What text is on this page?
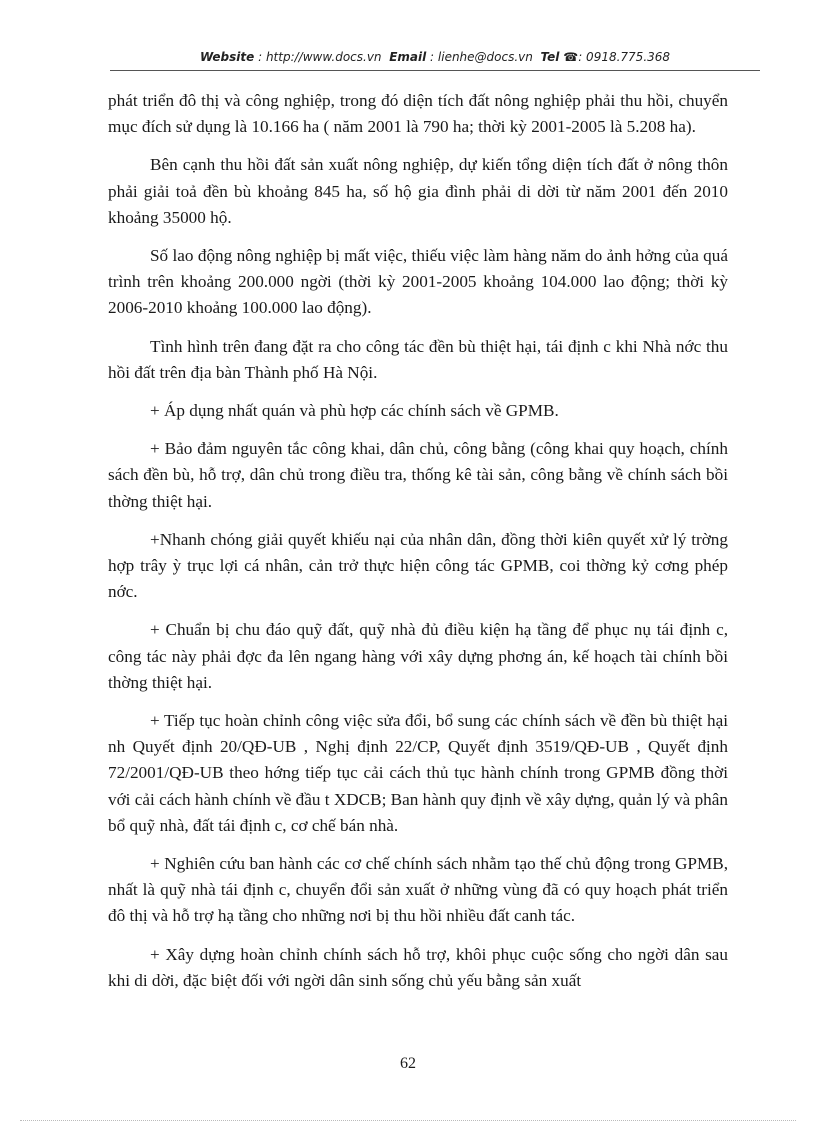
Website : http://www.docs.vn Email : lienhe@docs.vn Tel ☎: 0918.775.368

phát triển đô thị và công nghiệp, trong đó diện tích đất nông nghiệp phải thu hồi, chuyển mục đích sử dụng là 10.166 ha ( năm 2001 là 790 ha; thời kỳ 2001-2005 là 5.208 ha).

Bên cạnh thu hồi đất sản xuất nông nghiệp, dự kiến tổng diện tích đất ở nông thôn phải giải toả đền bù khoảng 845 ha, số hộ gia đình phải di dời từ năm 2001 đến 2010 khoảng 35000 hộ.

Số lao động nông nghiệp bị mất việc, thiếu việc làm hàng năm do ảnh hởng của quá trình trên khoảng 200.000 ngời (thời kỳ 2001-2005 khoảng 104.000 lao động; thời kỳ 2006-2010 khoảng 100.000 lao động).

Tình hình trên đang đặt ra cho công tác đền bù thiệt hại, tái định c khi Nhà nớc thu hồi đất trên địa bàn Thành phố Hà Nội.

+ Áp dụng nhất quán và phù hợp các chính sách về GPMB.

+ Bảo đảm nguyên tắc công khai, dân chủ, công bằng (công khai quy hoạch, chính sách đền bù, hỗ trợ, dân chủ trong điều tra, thống kê tài sản, công bằng về chính sách bồi thờng thiệt hại.

+Nhanh chóng giải quyết khiếu nại của nhân dân, đồng thời kiên quyết xử lý trờng hợp trây ỳ trục lợi cá nhân, cản trở thực hiện công tác GPMB, coi thờng kỷ cơng phép nớc.

+ Chuẩn bị chu đáo quỹ đất, quỹ nhà đủ điều kiện hạ tầng để phục nụ tái định c, công tác này phải đợc đa lên ngang hàng với xây dựng phơng án, kế hoạch tài chính bồi thờng thiệt hại.

+ Tiếp tục hoàn chỉnh công việc sửa đổi, bổ sung các chính sách về đền bù thiệt hại nh Quyết định 20/QĐ-UB , Nghị định 22/CP, Quyết định 3519/QĐ-UB , Quyết định 72/2001/QĐ-UB theo hớng tiếp tục cải cách thủ tục hành chính trong GPMB đồng thời với cải cách hành chính về đầu t XDCB; Ban hành quy định về xây dựng, quản lý và phân bổ quỹ nhà, đất tái định c, cơ chế bán nhà.

+ Nghiên cứu ban hành các cơ chế chính sách nhằm tạo thế chủ động trong GPMB, nhất là quỹ nhà tái định c, chuyển đổi sản xuất ở những vùng đã có quy hoạch phát triển đô thị và hỗ trợ hạ tầng cho những nơi bị thu hồi nhiều đất canh tác.

+ Xây dựng hoàn chỉnh chính sách hỗ trợ, khôi phục cuộc sống cho ngời dân sau khi di dời, đặc biệt đối với ngời dân sinh sống chủ yếu bằng sản xuất

62
